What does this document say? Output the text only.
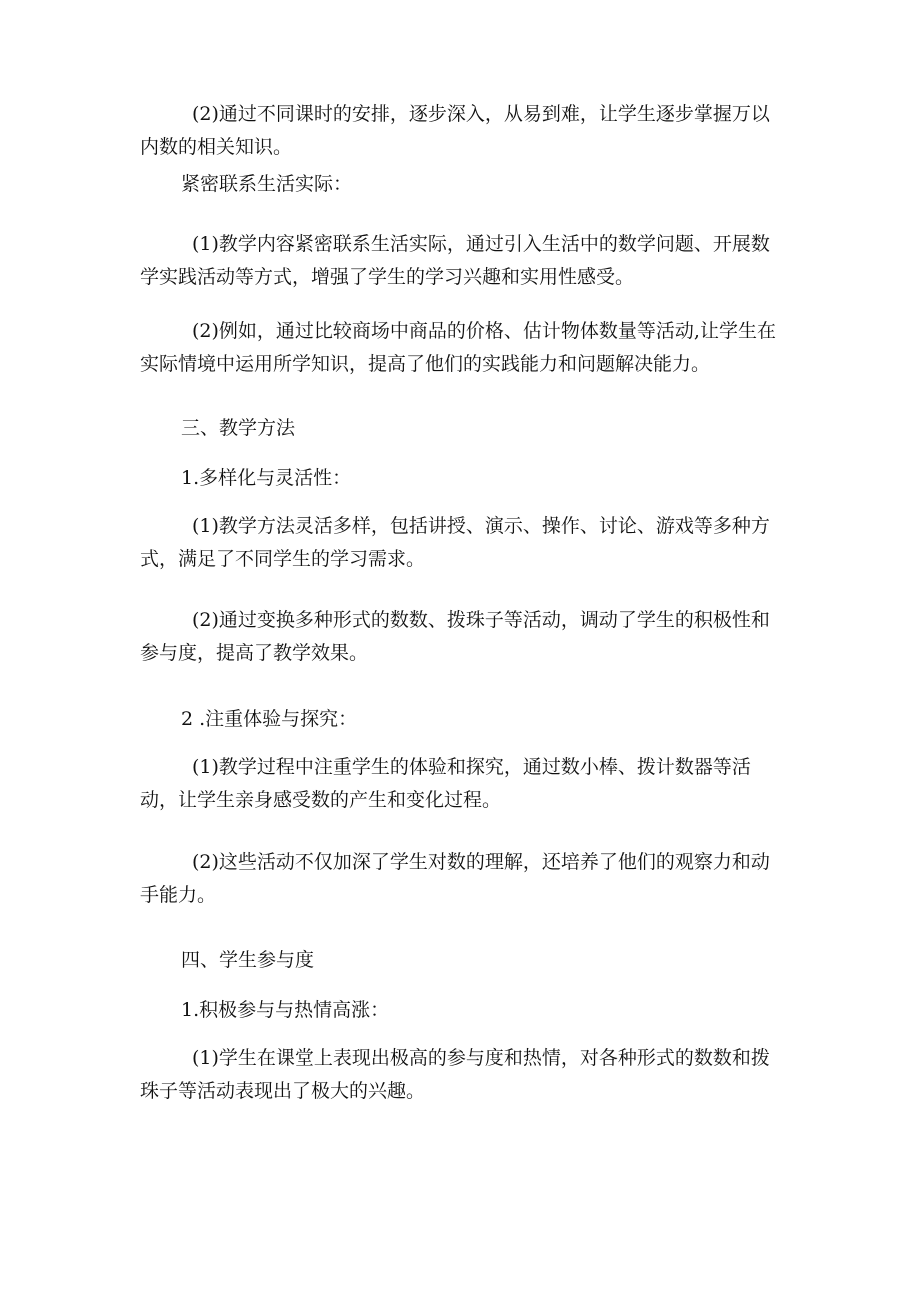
(2)通过不同课时的安排，逐步深入，从易到难，让学生逐步掌握万以内数的相关知识。

紧密联系生活实际：

(1)教学内容紧密联系生活实际，通过引入生活中的数学问题、开展数学实践活动等方式，增强了学生的学习兴趣和实用性感受。

(2)例如，通过比较商场中商品的价格、估计物体数量等活动,让学生在实际情境中运用所学知识，提高了他们的实践能力和问题解决能力。

三、教学方法

1.多样化与灵活性：

(1)教学方法灵活多样，包括讲授、演示、操作、讨论、游戏等多种方式，满足了不同学生的学习需求。

(2)通过变换多种形式的数数、拨珠子等活动，调动了学生的积极性和参与度，提高了教学效果。

2 .注重体验与探究：

(1)教学过程中注重学生的体验和探究，通过数小棒、拨计数器等活动，让学生亲身感受数的产生和变化过程。

(2)这些活动不仅加深了学生对数的理解，还培养了他们的观察力和动手能力。

四、学生参与度

1.积极参与与热情高涨：

(1)学生在课堂上表现出极高的参与度和热情，对各种形式的数数和拨珠子等活动表现出了极大的兴趣。
